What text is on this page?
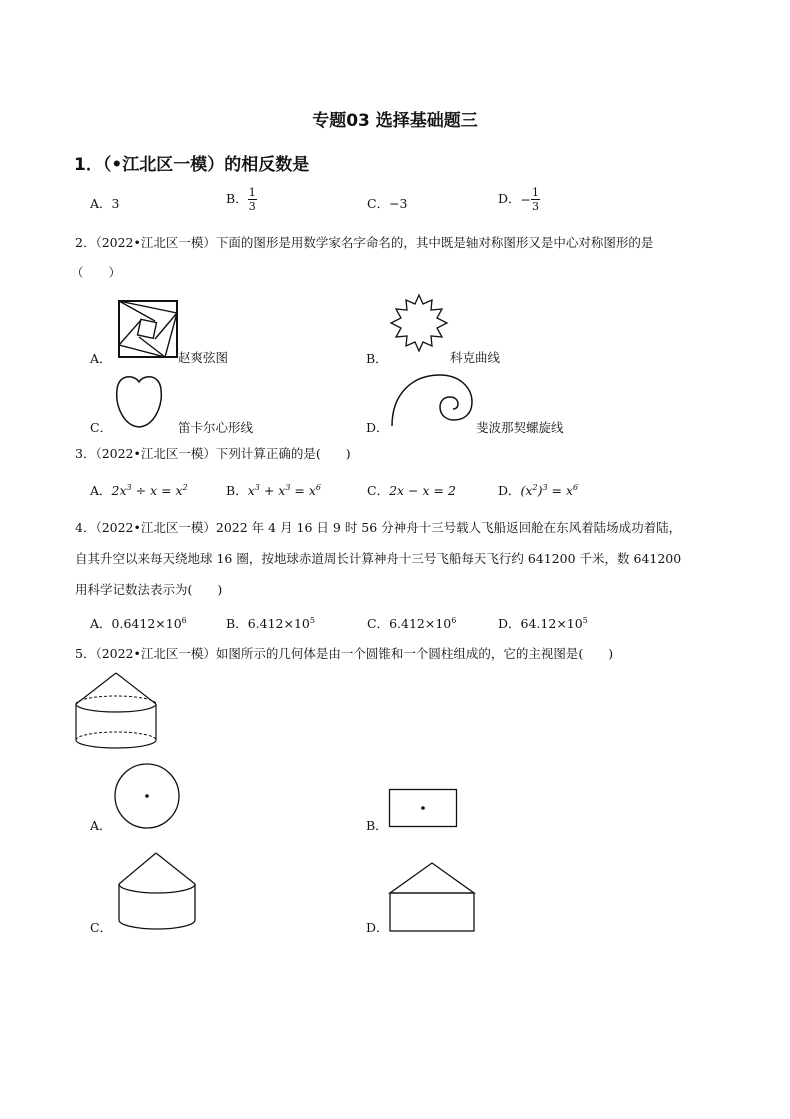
专题03 选择基础题三
1．（•江北区一模）的相反数是
A．3	B． $\frac{1}{3}$	C．−3	D．− $\frac{1}{3}$
2．（2022•江北区一模）下面的图形是用数学家名字命名的，其中既是轴对称图形又是中心对称图形的是
（　　）
A．	赵爽弦图	B．	科克曲线
C．	笛卡尔心形线	D．	斐波那契螺旋线
3．（2022•江北区一模）下列计算正确的是(　　)
A．$2x^3 \div x = x^2$	B．$x^3 + x^3 = x^6$	C．2x − x = 2	D．$(x^2)^3 = x^6$
4．（2022•江北区一模）2022 年 4 月 16 日 9 时 56 分神舟十三号载人飞船返回舱在东风着陆场成功着陆，
自其升空以来每天绕地球 16 圈，按地球赤道周长计算神舟十三号飞船每天飞行约 641200 千米，数 641200
用科学记数法表示为(　　)
A．$0.6412\times 10^6$	B．$6.412\times 10^5$	C．$6.412\times 10^6$	D．$64.12\times 10^5$
5．（2022•江北区一模）如图所示的几何体是由一个圆锥和一个圆柱组成的，它的主视图是(　　)
A．	B．
C．	D．
